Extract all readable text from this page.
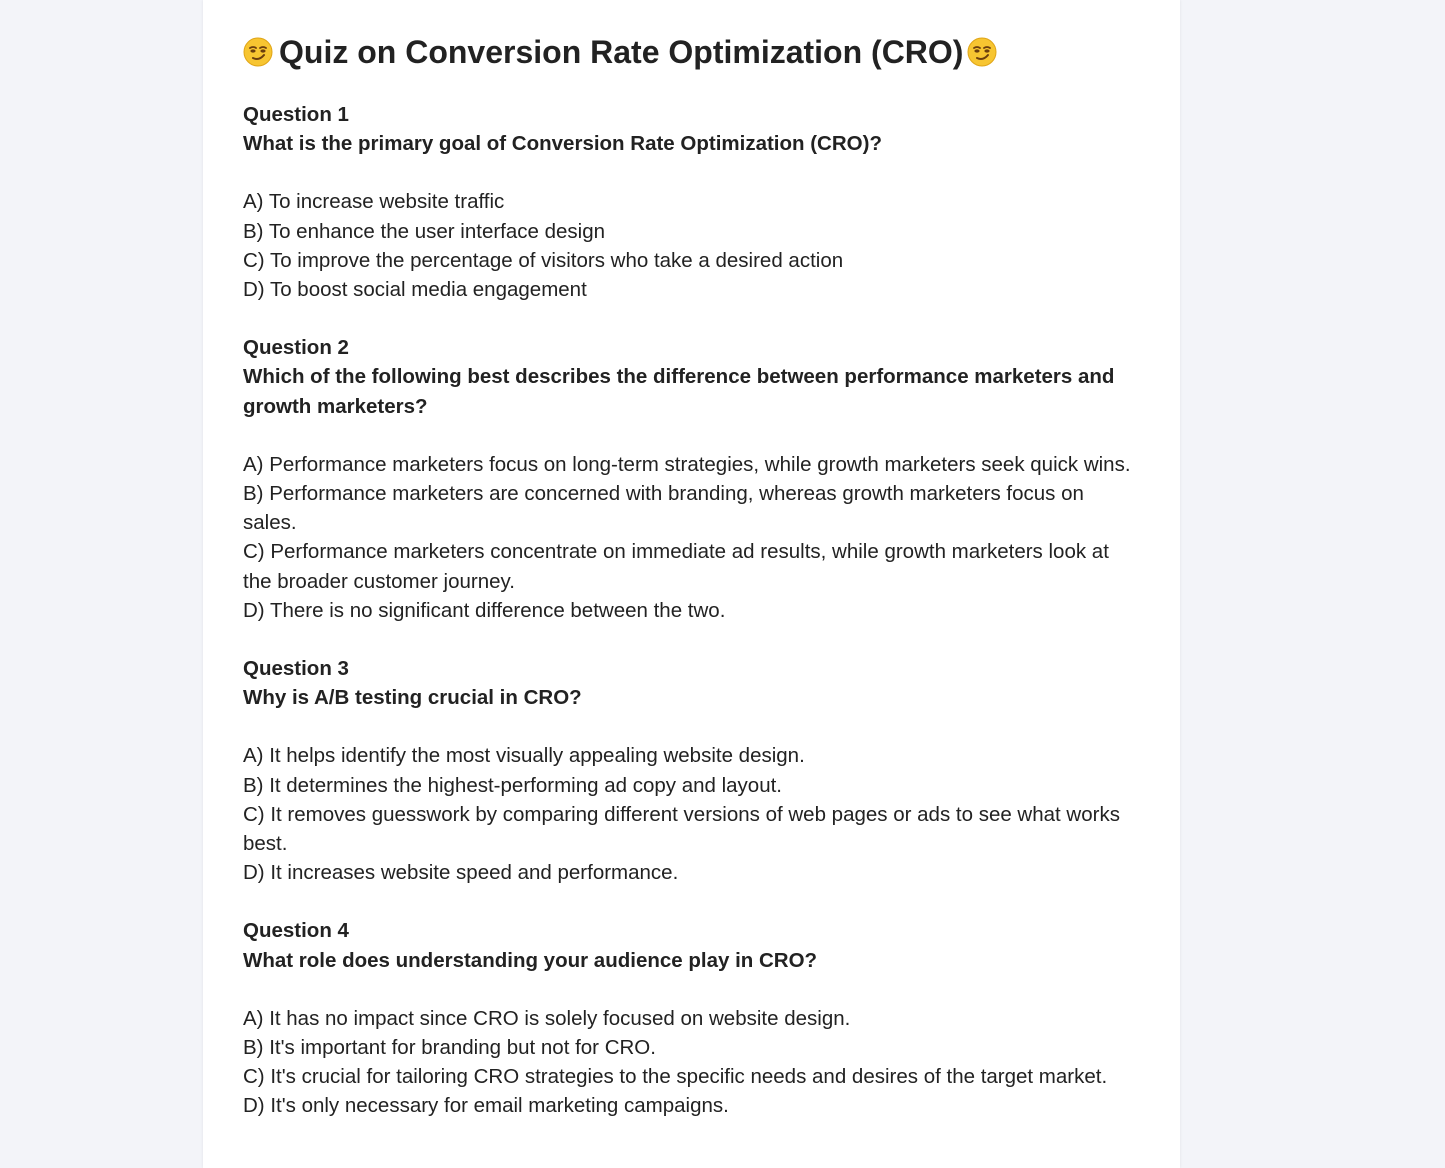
Quiz on Conversion Rate Optimization (CRO)
Question 1
What is the primary goal of Conversion Rate Optimization (CRO)?
A) To increase website traffic
B) To enhance the user interface design
C) To improve the percentage of visitors who take a desired action
D) To boost social media engagement
Question 2
Which of the following best describes the difference between performance marketers and growth marketers?
A) Performance marketers focus on long-term strategies, while growth marketers seek quick wins.
B) Performance marketers are concerned with branding, whereas growth marketers focus on sales.
C) Performance marketers concentrate on immediate ad results, while growth marketers look at the broader customer journey.
D) There is no significant difference between the two.
Question 3
Why is A/B testing crucial in CRO?
A) It helps identify the most visually appealing website design.
B) It determines the highest-performing ad copy and layout.
C) It removes guesswork by comparing different versions of web pages or ads to see what works best.
D) It increases website speed and performance.
Question 4
What role does understanding your audience play in CRO?
A) It has no impact since CRO is solely focused on website design.
B) It's important for branding but not for CRO.
C) It's crucial for tailoring CRO strategies to the specific needs and desires of the target market.
D) It's only necessary for email marketing campaigns.
